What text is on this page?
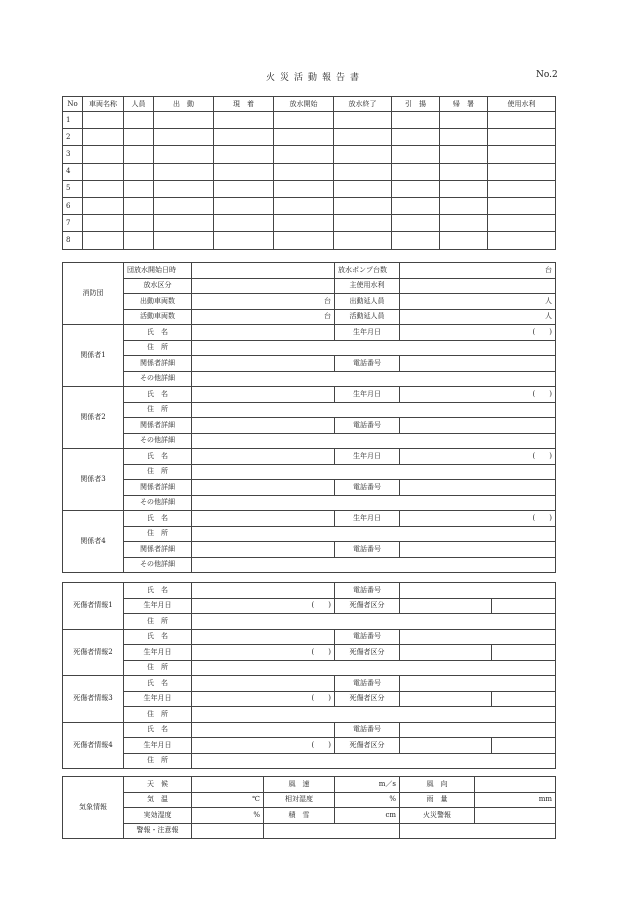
火災活動報告書	No.2
No	車両名称	人員	出　動	現　着	放水開始	放水終了	引　揚	帰　署	使用水利
1									
2									
3									
4									
5									
6									
7									
8									
消防団	団放水開始日時		放水ポンプ台数	台
	放水区分		主使用水利	
	出動車両数	台	出動延人員	人
	活動車両数	台	活動延人員	人
関係者1	氏　名		生年月日	(　　)
	住　所			
	関係者詳細		電話番号	
	その他詳細			
関係者2	氏　名		生年月日	(　　)
	住　所			
	関係者詳細		電話番号	
	その他詳細			
関係者3	氏　名		生年月日	(　　)
	住　所			
	関係者詳細		電話番号	
	その他詳細			
関係者4	氏　名		生年月日	(　　)
	住　所			
	関係者詳細		電話番号	
	その他詳細			
死傷者情報1	氏　名		電話番号		
	生年月日	(　　)	死傷者区分		
	住　所				
死傷者情報2	氏　名		電話番号		
	生年月日	(　　)	死傷者区分		
	住　所				
死傷者情報3	氏　名		電話番号		
	生年月日	(　　)	死傷者区分		
	住　所				
死傷者情報4	氏　名		電話番号		
	生年月日	(　　)	死傷者区分		
	住　所				
気象情報	天　候		風　速	m／s	風　向	
	気　温	℃	相対湿度	%	雨　量	mm
	実効湿度	%	積　雪	cm	火災警報	
	警報・注意報					
